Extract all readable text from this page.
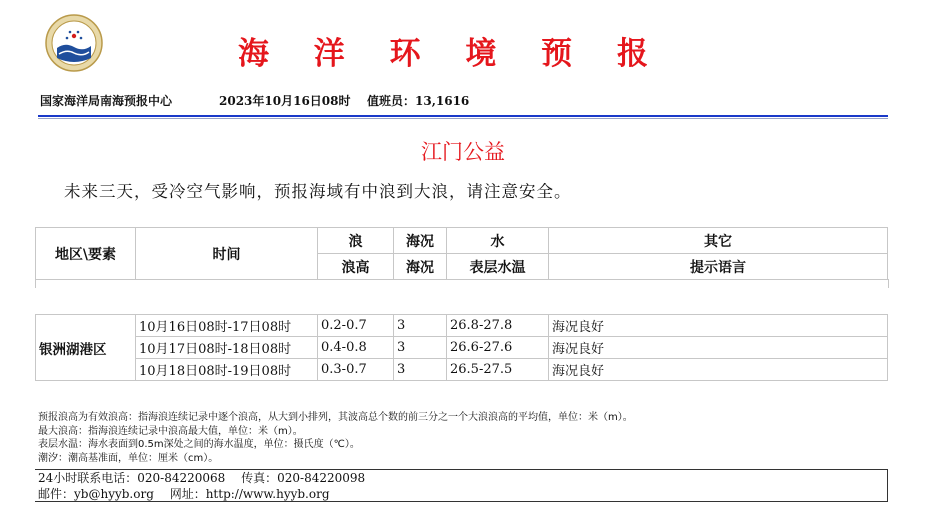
海 洋 环 境 预 报
国家海洋局南海预报中心	2023年10月16日08时 值班员：13,1616
江门公益
未来三天，受冷空气影响，预报海域有中浪到大浪，请注意安全。
地区\要素	时间	浪	海况	水	其它
		浪高	海况	表层水温	提示语言
银洲湖港区	10月16日08时-17日08时	0.2-0.7	3	26.8-27.8	海况良好
	10月17日08时-18日08时	0.4-0.8	3	26.6-27.6	海况良好
	10月18日08时-19日08时	0.3-0.7	3	26.5-27.5	海况良好
预报浪高为有效浪高：指海浪连续记录中逐个浪高，从大到小排列，其波高总个数的前三分之一个大浪浪高的平均值，单位：米（m）。
最大浪高：指海浪连续记录中浪高最大值，单位：米（m）。
表层水温：海水表面到0.5m深处之间的海水温度，单位：摄氏度（℃）。
潮汐：潮高基准面，单位：厘米（cm）。
24小时联系电话：020-84220068　 传真：020-84220098
邮件：yb@hyyb.org　 网址：http://www.hyyb.org
